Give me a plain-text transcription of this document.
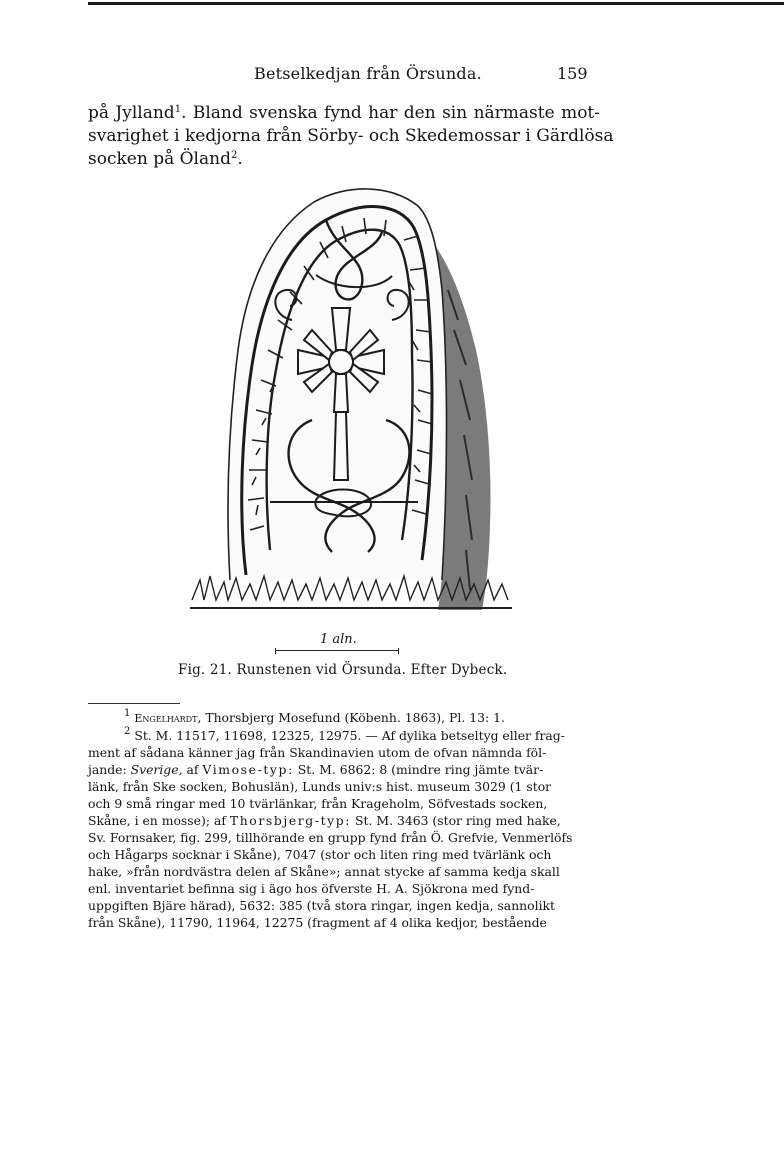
Betselkedjan från Örsunda.	159

på Jylland$^1$. Bland svenska fynd har den sin närmaste mot-
svarighet i kedjorna från Sörby- och Skedemossar i Gärdlösa
socken på Öland$^2$.

1 aln.
Fig. 21. Runstenen vid Örsunda. Efter Dybeck.

$^1$ Engelhardt, Thorsbjerg Mosefund (Köbenh. 1863), Pl. 13: 1.

$^2$ St. M. 11517, 11698, 12325, 12975. — Af dylika betseltyg eller frag-

ment af sådana känner jag från Skandinavien utom de ofvan nämnda föl-

jande: Sverige, af Vimose-typ: St. M. 6862: 8 (mindre ring jämte tvär-

länk, från Ske socken, Bohuslän), Lunds univ:s hist. museum 3029 (1 stor

och 9 små ringar med 10 tvärlänkar, från Krageholm, Söfvestads socken,

Skåne, i en mosse); af Thorsbjerg-typ: St. M. 3463 (stor ring med hake,

Sv. Fornsaker, fig. 299, tillhörande en grupp fynd från Ö. Grefvie, Venmerlöfs

och Hågarps socknar i Skåne), 7047 (stor och liten ring med tvärlänk och

hake, »från nordvästra delen af Skåne»; annat stycke af samma kedja skall

enl. inventariet befinna sig i ägo hos öfverste H. A. Sjökrona med fynd-

uppgiften Bjäre härad), 5632: 385 (två stora ringar, ingen kedja, sannolikt

från Skåne), 11790, 11964, 12275 (fragment af 4 olika kedjor, bestående
